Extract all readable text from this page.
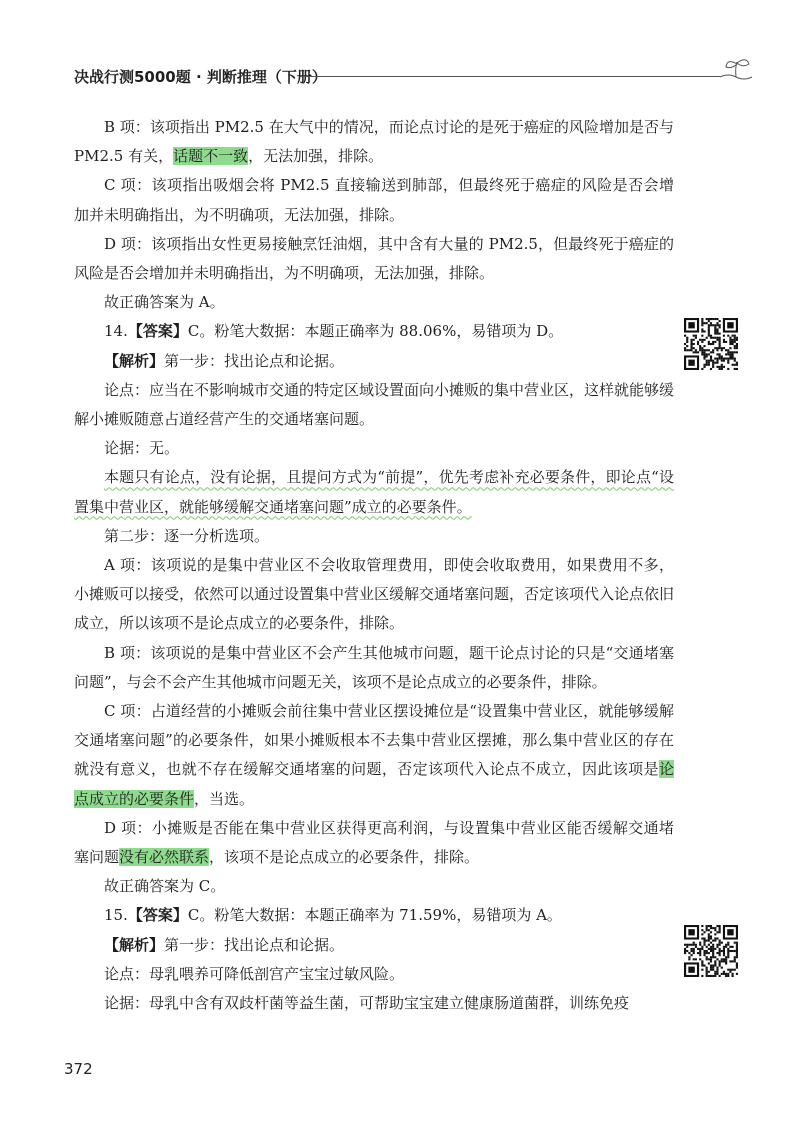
决战行测5000题 · 判断推理（下册）

B 项：该项指出 PM2.5 在大气中的情况，而论点讨论的是死于癌症的风险增加是否与 PM2.5 有关，话题不一致，无法加强，排除。

C 项：该项指出吸烟会将 PM2.5 直接输送到肺部，但最终死于癌症的风险是否会增加并未明确指出，为不明确项，无法加强，排除。

D 项：该项指出女性更易接触烹饪油烟，其中含有大量的 PM2.5，但最终死于癌症的风险是否会增加并未明确指出，为不明确项，无法加强，排除。

故正确答案为 A。

14.【答案】C。粉笔大数据：本题正确率为 88.06%，易错项为 D。

【解析】第一步：找出论点和论据。

论点：应当在不影响城市交通的特定区域设置面向小摊贩的集中营业区，这样就能够缓解小摊贩随意占道经营产生的交通堵塞问题。

论据：无。

本题只有论点，没有论据，且提问方式为“前提”，优先考虑补充必要条件，即论点“设置集中营业区，就能够缓解交通堵塞问题”成立的必要条件。

第二步：逐一分析选项。

A 项：该项说的是集中营业区不会收取管理费用，即使会收取费用，如果费用不多，小摊贩可以接受，依然可以通过设置集中营业区缓解交通堵塞问题，否定该项代入论点依旧成立，所以该项不是论点成立的必要条件，排除。

B 项：该项说的是集中营业区不会产生其他城市问题，题干论点讨论的只是“交通堵塞问题”，与会不会产生其他城市问题无关，该项不是论点成立的必要条件，排除。

C 项：占道经营的小摊贩会前往集中营业区摆设摊位是“设置集中营业区，就能够缓解交通堵塞问题”的必要条件，如果小摊贩根本不去集中营业区摆摊，那么集中营业区的存在就没有意义，也就不存在缓解交通堵塞的问题，否定该项代入论点不成立，因此该项是论点成立的必要条件，当选。

D 项：小摊贩是否能在集中营业区获得更高利润，与设置集中营业区能否缓解交通堵塞问题没有必然联系，该项不是论点成立的必要条件，排除。

故正确答案为 C。

15.【答案】C。粉笔大数据：本题正确率为 71.59%，易错项为 A。

【解析】第一步：找出论点和论据。

论点：母乳喂养可降低剖宫产宝宝过敏风险。

论据：母乳中含有双歧杆菌等益生菌，可帮助宝宝建立健康肠道菌群，训练免疫

372
